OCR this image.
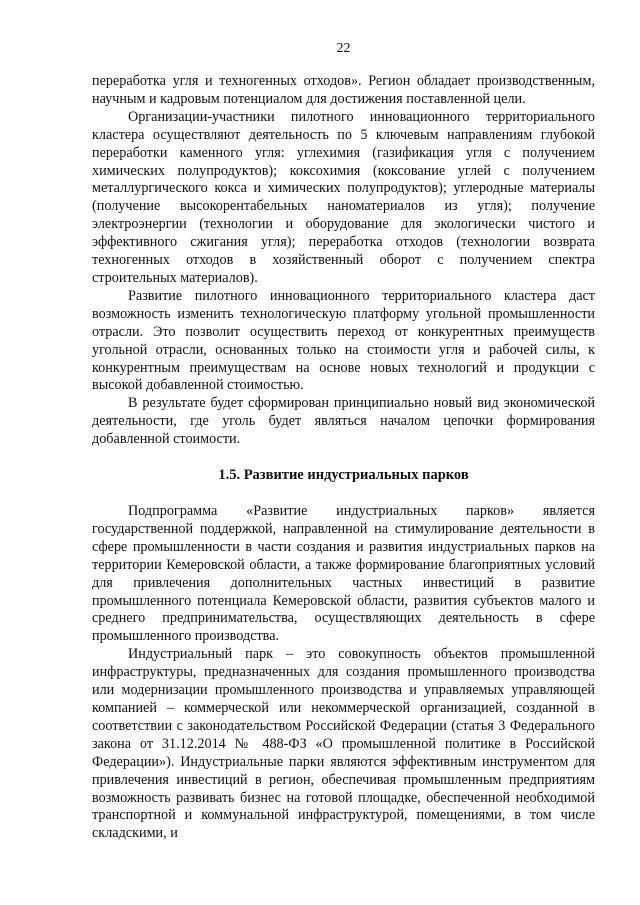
22

переработка угля и техногенных отходов». Регион обладает производственным, научным и кадровым потенциалом для достижения поставленной цели.

Организации-участники пилотного инновационного территориального кластера осуществляют деятельность по 5 ключевым направлениям глубокой переработки каменного угля: углехимия (газификация угля с получением химических полупродуктов); коксохимия (коксование углей с получением металлургического кокса и химических полупродуктов); углеродные материалы (получение высокорентабельных наноматериалов из угля); получение электроэнергии (технологии и оборудование для экологически чистого и эффективного сжигания угля); переработка отходов (технологии возврата техногенных отходов в хозяйственный оборот с получением спектра строительных материалов).

Развитие пилотного инновационного территориального кластера даст возможность изменить технологическую платформу угольной промышленности отрасли. Это позволит осуществить переход от конкурентных преимуществ угольной отрасли, основанных только на стоимости угля и рабочей силы, к конкурентным преимуществам на основе новых технологий и продукции с высокой добавленной стоимостью.

В результате будет сформирован принципиально новый вид экономической деятельности, где уголь будет являться началом цепочки формирования добавленной стоимости.

1.5. Развитие индустриальных парков

Подпрограмма «Развитие индустриальных парков» является государственной поддержкой, направленной на стимулирование деятельности в сфере промышленности в части создания и развития индустриальных парков на территории Кемеровской области, а также формирование благоприятных условий для привлечения дополнительных частных инвестиций в развитие промышленного потенциала Кемеровской области, развития субъектов малого и среднего предпринимательства, осуществляющих деятельность в сфере промышленного производства.

Индустриальный парк – это совокупность объектов промышленной инфраструктуры, предназначенных для создания промышленного производства или модернизации промышленного производства и управляемых управляющей компанией – коммерческой или некоммерческой организацией, созданной в соответствии с законодательством Российской Федерации (статья 3 Федерального закона от 31.12.2014 № 488-ФЗ «О промышленной политике в Российской Федерации»). Индустриальные парки являются эффективным инструментом для привлечения инвестиций в регион, обеспечивая промышленным предприятиям возможность развивать бизнес на готовой площадке, обеспеченной необходимой транспортной и коммунальной инфраструктурой, помещениями, в том числе складскими, и
